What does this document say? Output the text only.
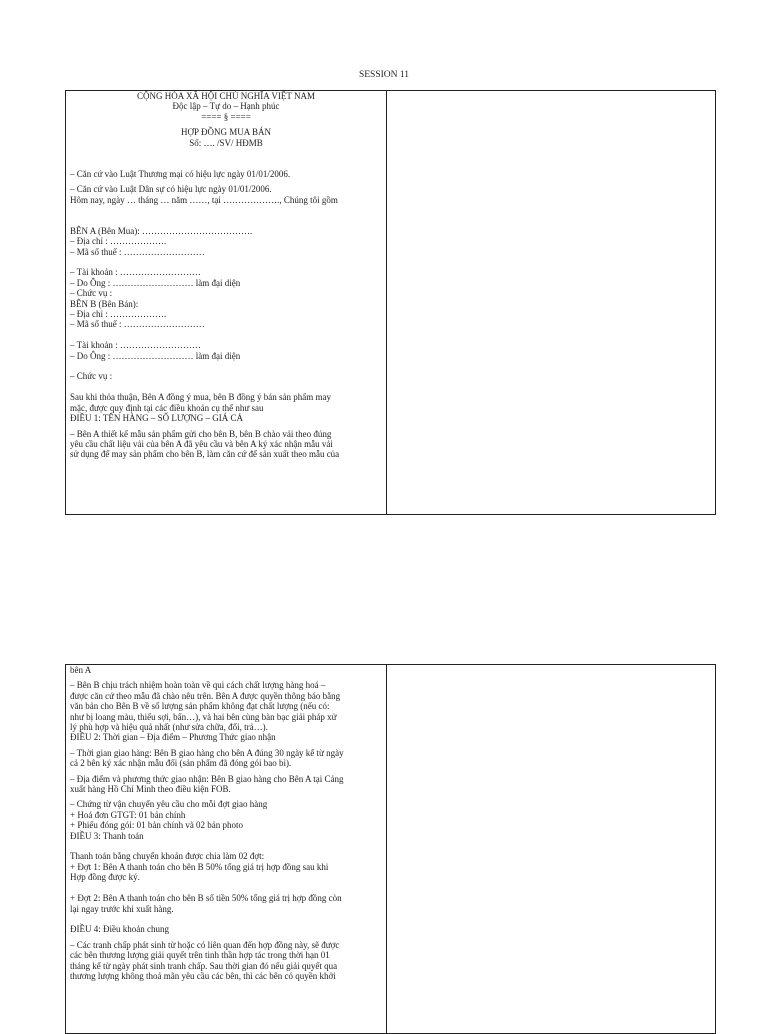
SESSION 11

CỘNG HÒA XÃ HỘI CHỦ NGHĨA VIỆT NAM

Độc lập – Tự do – Hạnh phúc

==== § ====

HỢP ĐỒNG MUA BÁN

Số: …. /SV/ HĐMB

– Căn cứ vào Luật Thương mại có hiệu lực ngày 01/01/2006.

– Căn cứ vào Luật Dân sự có hiệu lực ngày 01/01/2006.

Hôm nay, ngày … tháng … năm ……, tại ………………., Chúng tôi gồm

BÊN A (Bên Mua): ……………………………….

– Địa chỉ : ……………….

– Mã số thuế : ………………………

– Tài khoản : ………………………

– Do Ông : ……………………… làm đại diện

– Chức vụ :

BÊN B (Bên Bán):

– Địa chỉ : ……………….

– Mã số thuế : ………………………

– Tài khoản : ………………………

– Do Ông : ……………………… làm đại diện

– Chức vụ :

Sau khi thỏa thuận, Bên A đồng ý mua, bên B đồng ý bán sản phẩm may

mặc, được quy định tại các điều khoản cụ thể như sau

ĐIỀU 1: TÊN HÀNG – SỐ LƯỢNG – GIÁ CẢ

– Bên A thiết kế mẫu sản phẩm gửi cho bên B, bên B chào vải theo đúng

yêu cầu chất liệu vải của bên A đã yêu cầu và bên A ký xác nhận mẫu vải

sử dụng để may sản phẩm cho bên B, làm căn cứ để sản xuất theo mẫu của

bên A

– Bên B chịu trách nhiệm hoàn toàn về qui cách chất lượng hàng hoá –

được căn cứ theo mẫu đã chào nêu trên. Bên A được quyền thông báo bằng

văn bản cho Bên B về số lượng sản phẩm không đạt chất lượng (nếu có:

như bị loang màu, thiếu sợi, bẩn…), và hai bên cùng bàn bạc giải pháp xử

lý phù hợp và hiệu quả nhất (như sửa chữa, đổi, trả…).

ĐIỀU 2: Thời gian – Địa điểm – Phương Thức giao nhận

– Thời gian giao hàng: Bên B giao hàng cho bên A đúng 30 ngày kể từ ngày

cả 2 bên ký xác nhận mẫu đối (sản phẩm đã đóng gói bao bì).

– Địa điểm và phương thức giao nhận: Bên B giao hàng cho Bên A tại Cảng

xuất hàng Hồ Chí Minh theo điều kiện FOB.

– Chứng từ vận chuyển yêu cầu cho mỗi đợt giao hàng

+ Hoá đơn GTGT: 01 bản chính

+ Phiếu đóng gói: 01 bản chính và 02 bản photo

ĐIỀU 3: Thanh toán

Thanh toán bằng chuyển khoản được chia làm 02 đợt:

+ Đợt 1: Bên A thanh toán cho bên B 50% tổng giá trị hợp đồng sau khi

Hợp đồng được ký.

+ Đợt 2: Bên A thanh toán cho bên B số tiền 50% tổng giá trị hợp đồng còn

lại ngay trước khi xuất hàng.

ĐIỀU 4: Điều khoản chung

– Các tranh chấp phát sinh từ hoặc có liên quan đến hợp đồng này, sẽ được

các bên thương lượng giải quyết trên tinh thần hợp tác trong thời hạn 01

tháng kể từ ngày phát sinh tranh chấp. Sau thời gian đó nếu giải quyết qua

thương lượng không thoả mãn yêu cầu các bên, thì các bên có quyền khởi
